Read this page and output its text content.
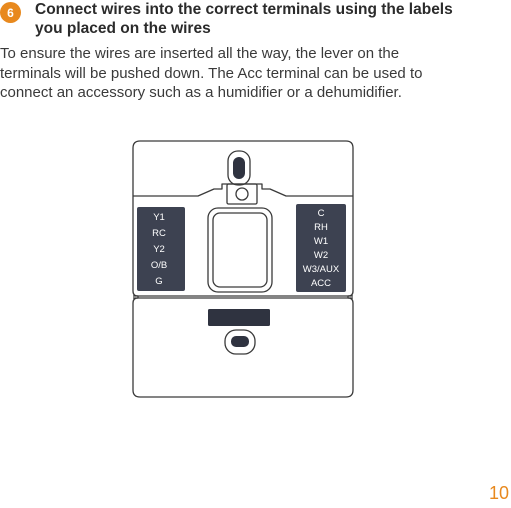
6	Connect wires into the correct terminals using the labels
you placed on the wires
To ensure the wires are inserted all the way, the lever on the
terminals will be pushed down. The Acc terminal can be used to
connect an accessory such as a humidifier or a dehumidifier.
Y1
RC
Y2
O/B
G
C
RH
W1
W2
W3/AUX
ACC
10
